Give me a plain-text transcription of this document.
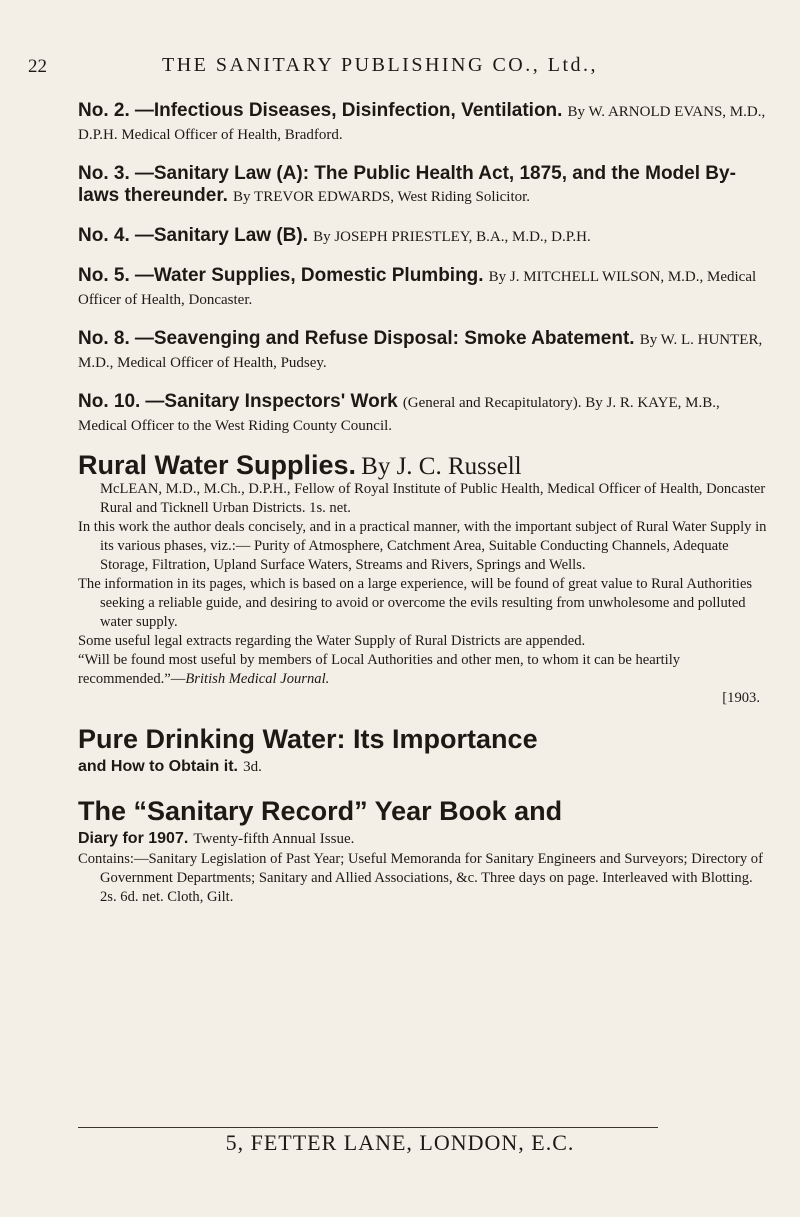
22	THE SANITARY PUBLISHING CO., Ltd.,
No. 2. —Infectious Diseases, Disinfection, Ventilation. By W. ARNOLD EVANS, M.D., D.P.H. Medical Officer of Health, Bradford.
No. 3. —Sanitary Law (A): The Public Health Act, 1875, and the Model By-laws thereunder. By TREVOR EDWARDS, West Riding Solicitor.
No. 4. —Sanitary Law (B). By JOSEPH PRIESTLEY, B.A., M.D., D.P.H.
No. 5. —Water Supplies, Domestic Plumbing. By J. MITCHELL WILSON, M.D., Medical Officer of Health, Doncaster.
No. 8. —Seavenging and Refuse Disposal: Smoke Abatement. By W. L. HUNTER, M.D., Medical Officer of Health, Pudsey.
No. 10. —Sanitary Inspectors' Work (General and Recapitulatory). By J. R. KAYE, M.B., Medical Officer to the West Riding County Council.
Rural Water Supplies. By J. C. Russell

McLEAN, M.D., M.Ch., D.P.H., Fellow of Royal Institute of Public Health, Medical Officer of Health, Doncaster Rural and Ticknell Urban Districts. 1s. net.

In this work the author deals concisely, and in a practical manner, with the important subject of Rural Water Supply in its various phases, viz.:— Purity of Atmosphere, Catchment Area, Suitable Conducting Channels, Adequate Storage, Filtration, Upland Surface Waters, Streams and Rivers, Springs and Wells.

The information in its pages, which is based on a large experience, will be found of great value to Rural Authorities seeking a reliable guide, and desiring to avoid or overcome the evils resulting from unwholesome and polluted water supply.

Some useful legal extracts regarding the Water Supply of Rural Districts are appended.

“Will be found most useful by members of Local Authorities and other men, to whom it can be heartily recommended.”—British Medical Journal.

[1903.

Pure Drinking Water: Its Importance
and How to Obtain it. 3d.
The “Sanitary Record” Year Book and
Diary for 1907. Twenty-fifth Annual Issue.

Contains:—Sanitary Legislation of Past Year; Useful Memoranda for Sanitary Engineers and Surveyors; Directory of Government Departments; Sanitary and Allied Associations, &c. Three days on page. Interleaved with Blotting. 2s. 6d. net. Cloth, Gilt.

5, FETTER LANE, LONDON, E.C.
